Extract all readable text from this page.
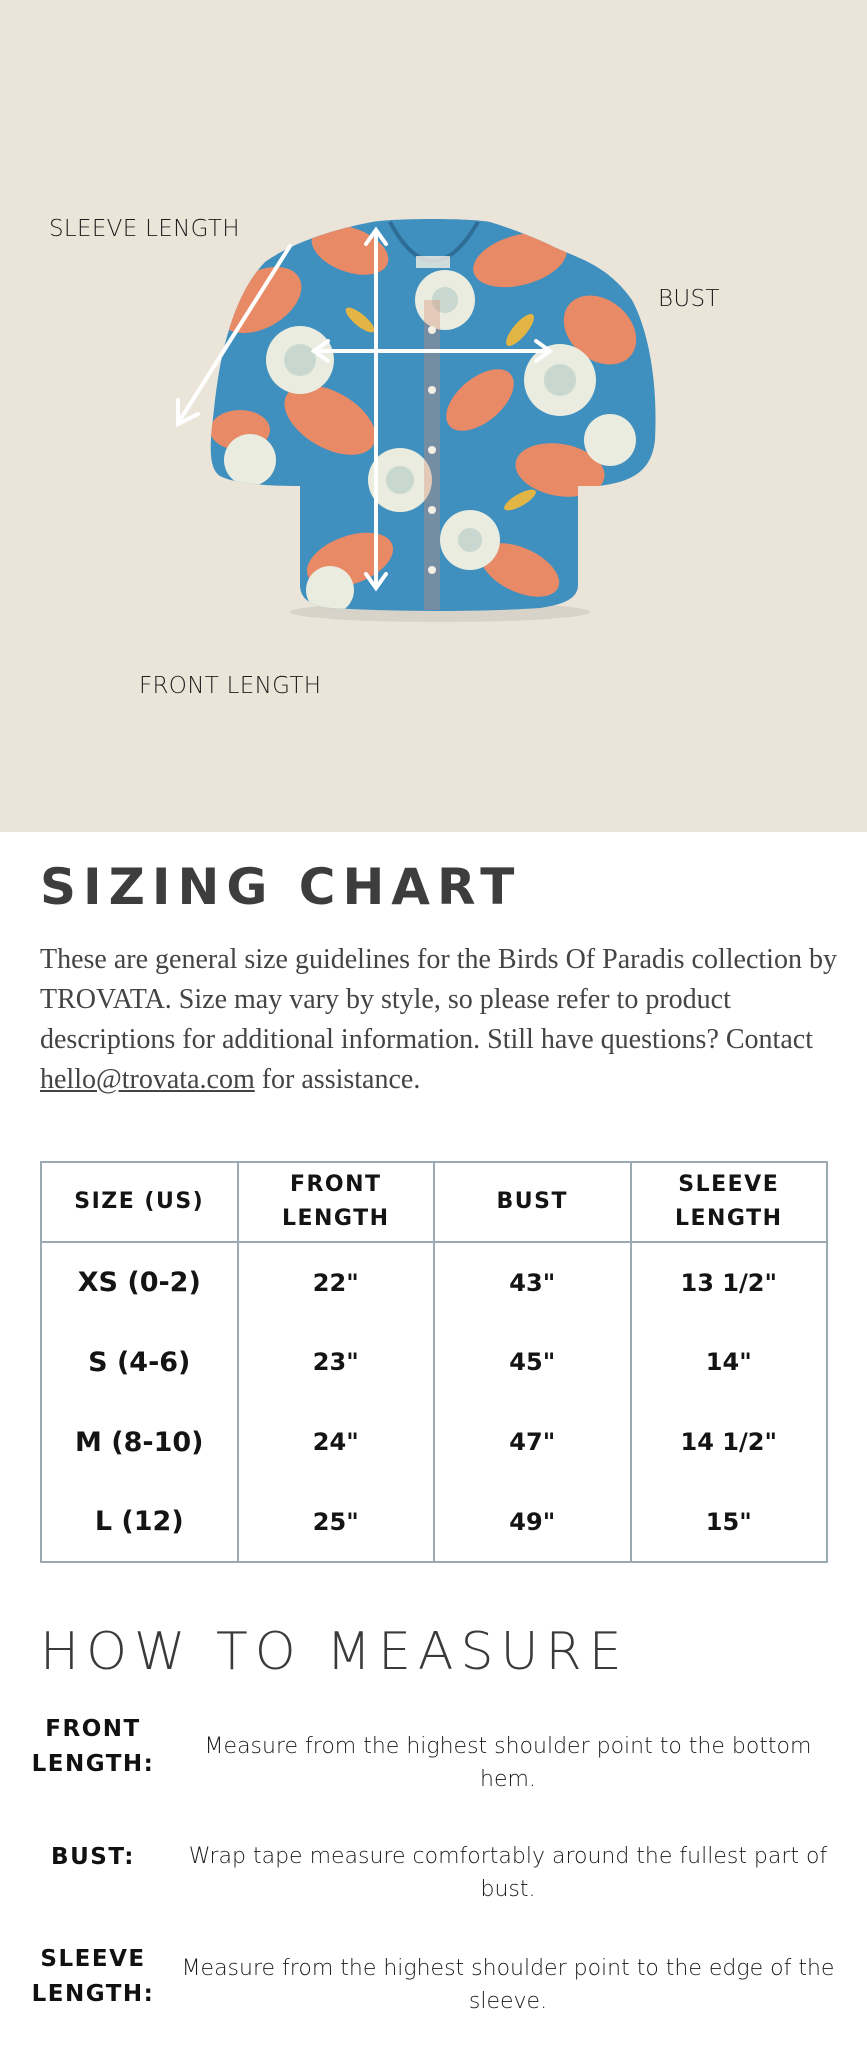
SLEEVE LENGTH
BUST
FRONT LENGTH
SIZING CHART

These are general size guidelines for the Birds Of Paradis collection by TROVATA. Size may vary by style, so please refer to product descriptions for additional information. Still have questions? Contact hello@trovata.com for assistance.

SIZE (US)	FRONT LENGTH	BUST	SLEEVE LENGTH
XS (0-2)	22"	43"	13 1/2"
S (4-6)	23"	45"	14"
M (8-10)	24"	47"	14 1/2"
L (12)	25"	49"	15"
HOW TO MEASURE
FRONT LENGTH:
Measure from the highest shoulder point to the bottom hem.
BUST:	Wrap tape measure comfortably around the fullest part of bust.
SLEEVE LENGTH:
Measure from the highest shoulder point to the edge of the sleeve.
